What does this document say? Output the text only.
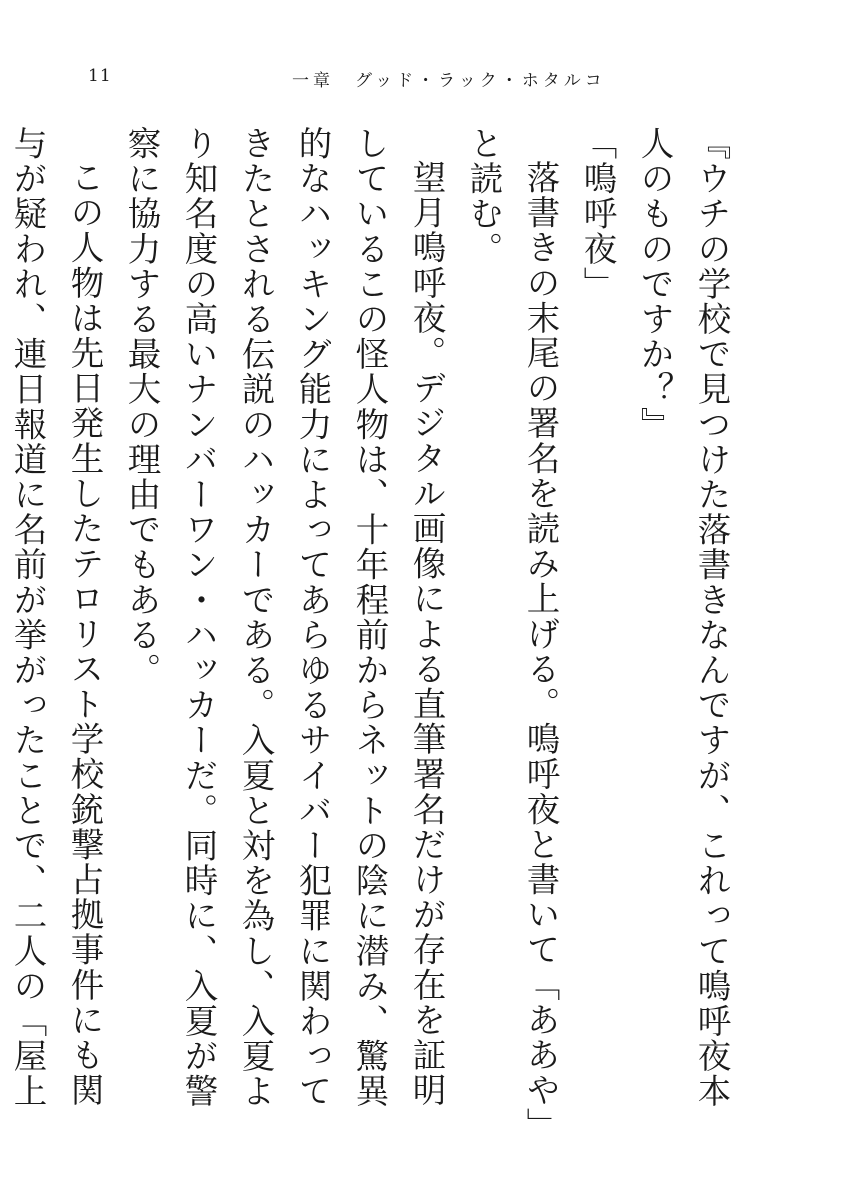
11	一章　グッド・ラック・ホタルコ

『ウチの学校で見つけた落書きなんですが、これって鳴呼夜本人のものですか？』

「鳴呼夜」

落書きの末尾の署名を読み上げる。鳴呼夜と書いて「ああや」と読む。

望月鳴呼夜。デジタル画像による直筆署名だけが存在を証明しているこの怪人物は、十年程前からネットの陰に潜み、驚異的なハッキング能力によってあらゆるサイバー犯罪に関わってきたとされる伝説のハッカーである。入夏と対を為し、入夏より知名度の高いナンバーワン・ハッカーだ。同時に、入夏が警察に協力する最大の理由でもある。

この人物は先日発生したテロリスト学校銃撃占拠事件にも関与が疑われ、連日報道に名前が挙がったことで、二人の「屋上
